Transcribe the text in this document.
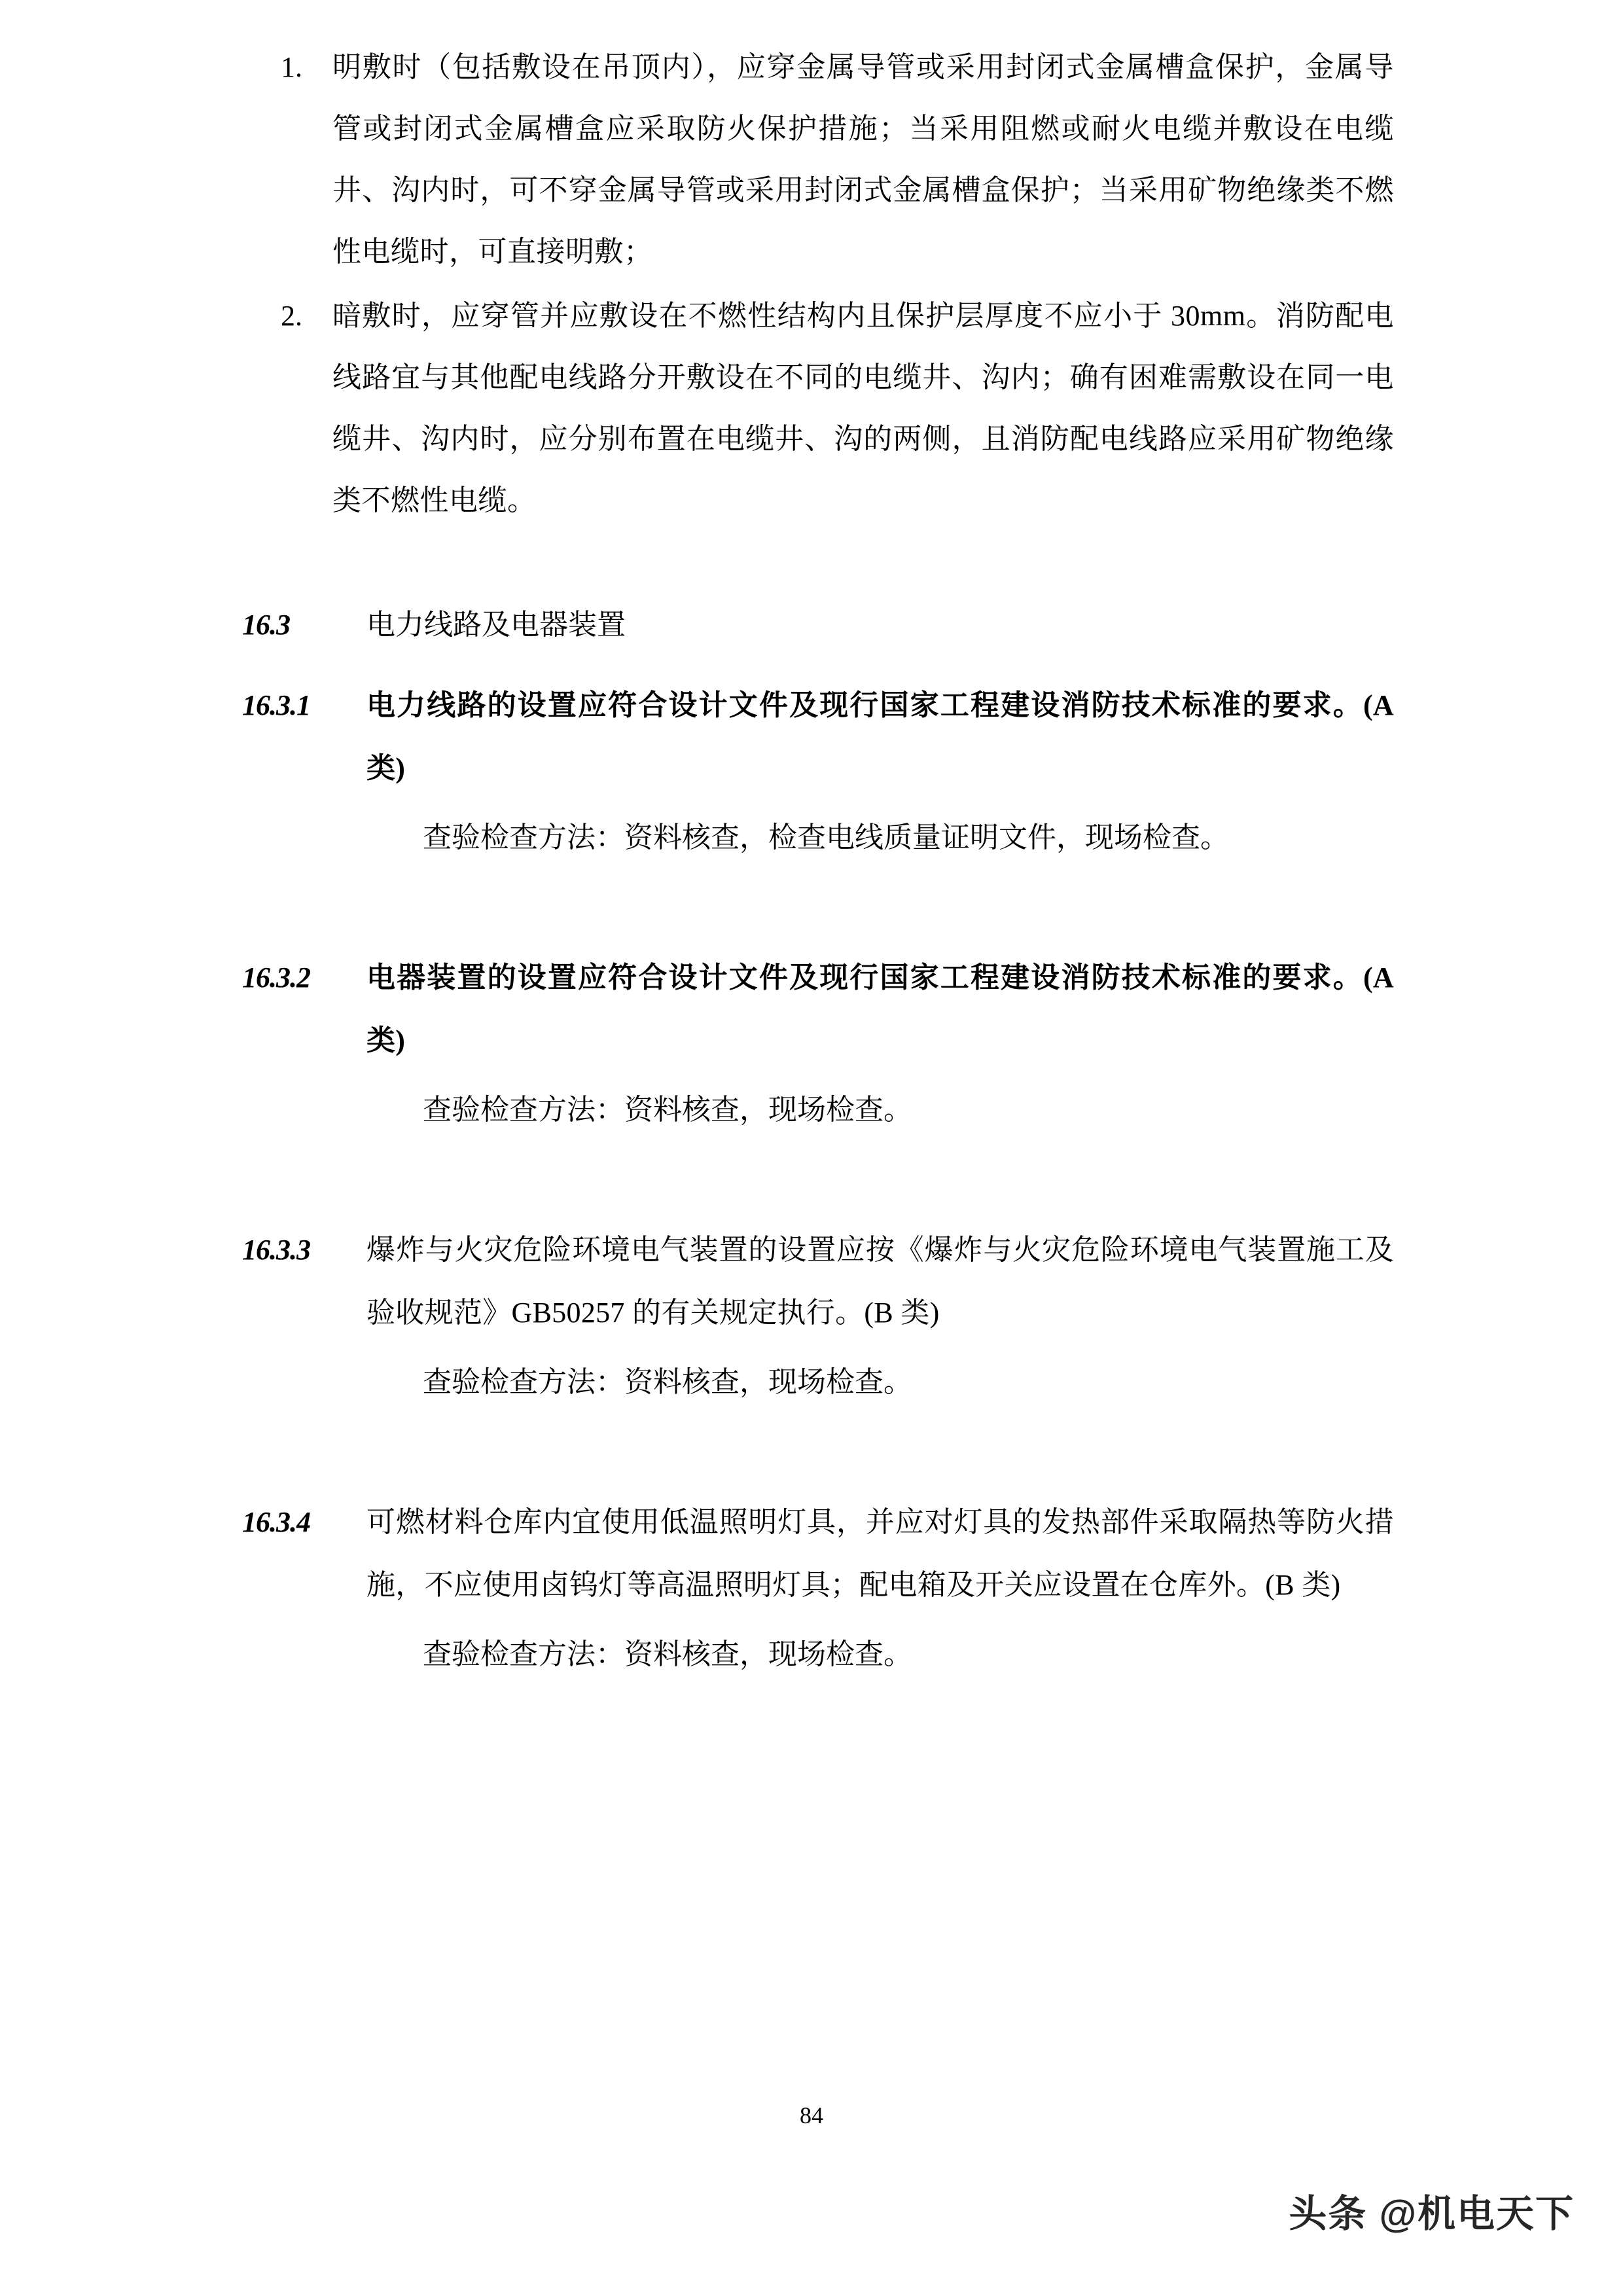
1.	明敷时（包括敷设在吊顶内），应穿金属导管或采用封闭式金属槽盒保护，金属导管或封闭式金属槽盒应采取防火保护措施；当采用阻燃或耐火电缆并敷设在电缆井、沟内时，可不穿金属导管或采用封闭式金属槽盒保护；当采用矿物绝缘类不燃性电缆时，可直接明敷；
2.	暗敷时，应穿管并应敷设在不燃性结构内且保护层厚度不应小于 30mm。消防配电线路宜与其他配电线路分开敷设在不同的电缆井、沟内；确有困难需敷设在同一电缆井、沟内时，应分别布置在电缆井、沟的两侧，且消防配电线路应采用矿物绝缘类不燃性电缆。
16.3	电力线路及电器装置
16.3.1	电力线路的设置应符合设计文件及现行国家工程建设消防技术标准的要求。(A 类)
查验检查方法：资料核查，检查电线质量证明文件，现场检查。
16.3.2	电器装置的设置应符合设计文件及现行国家工程建设消防技术标准的要求。(A 类)
查验检查方法：资料核查，现场检查。
16.3.3	爆炸与火灾危险环境电气装置的设置应按《爆炸与火灾危险环境电气装置施工及验收规范》GB50257 的有关规定执行。(B 类)
查验检查方法：资料核查，现场检查。
16.3.4	可燃材料仓库内宜使用低温照明灯具，并应对灯具的发热部件采取隔热等防火措施，不应使用卤钨灯等高温照明灯具；配电箱及开关应设置在仓库外。(B 类)
查验检查方法：资料核查，现场检查。
84
头条 @机电天下
